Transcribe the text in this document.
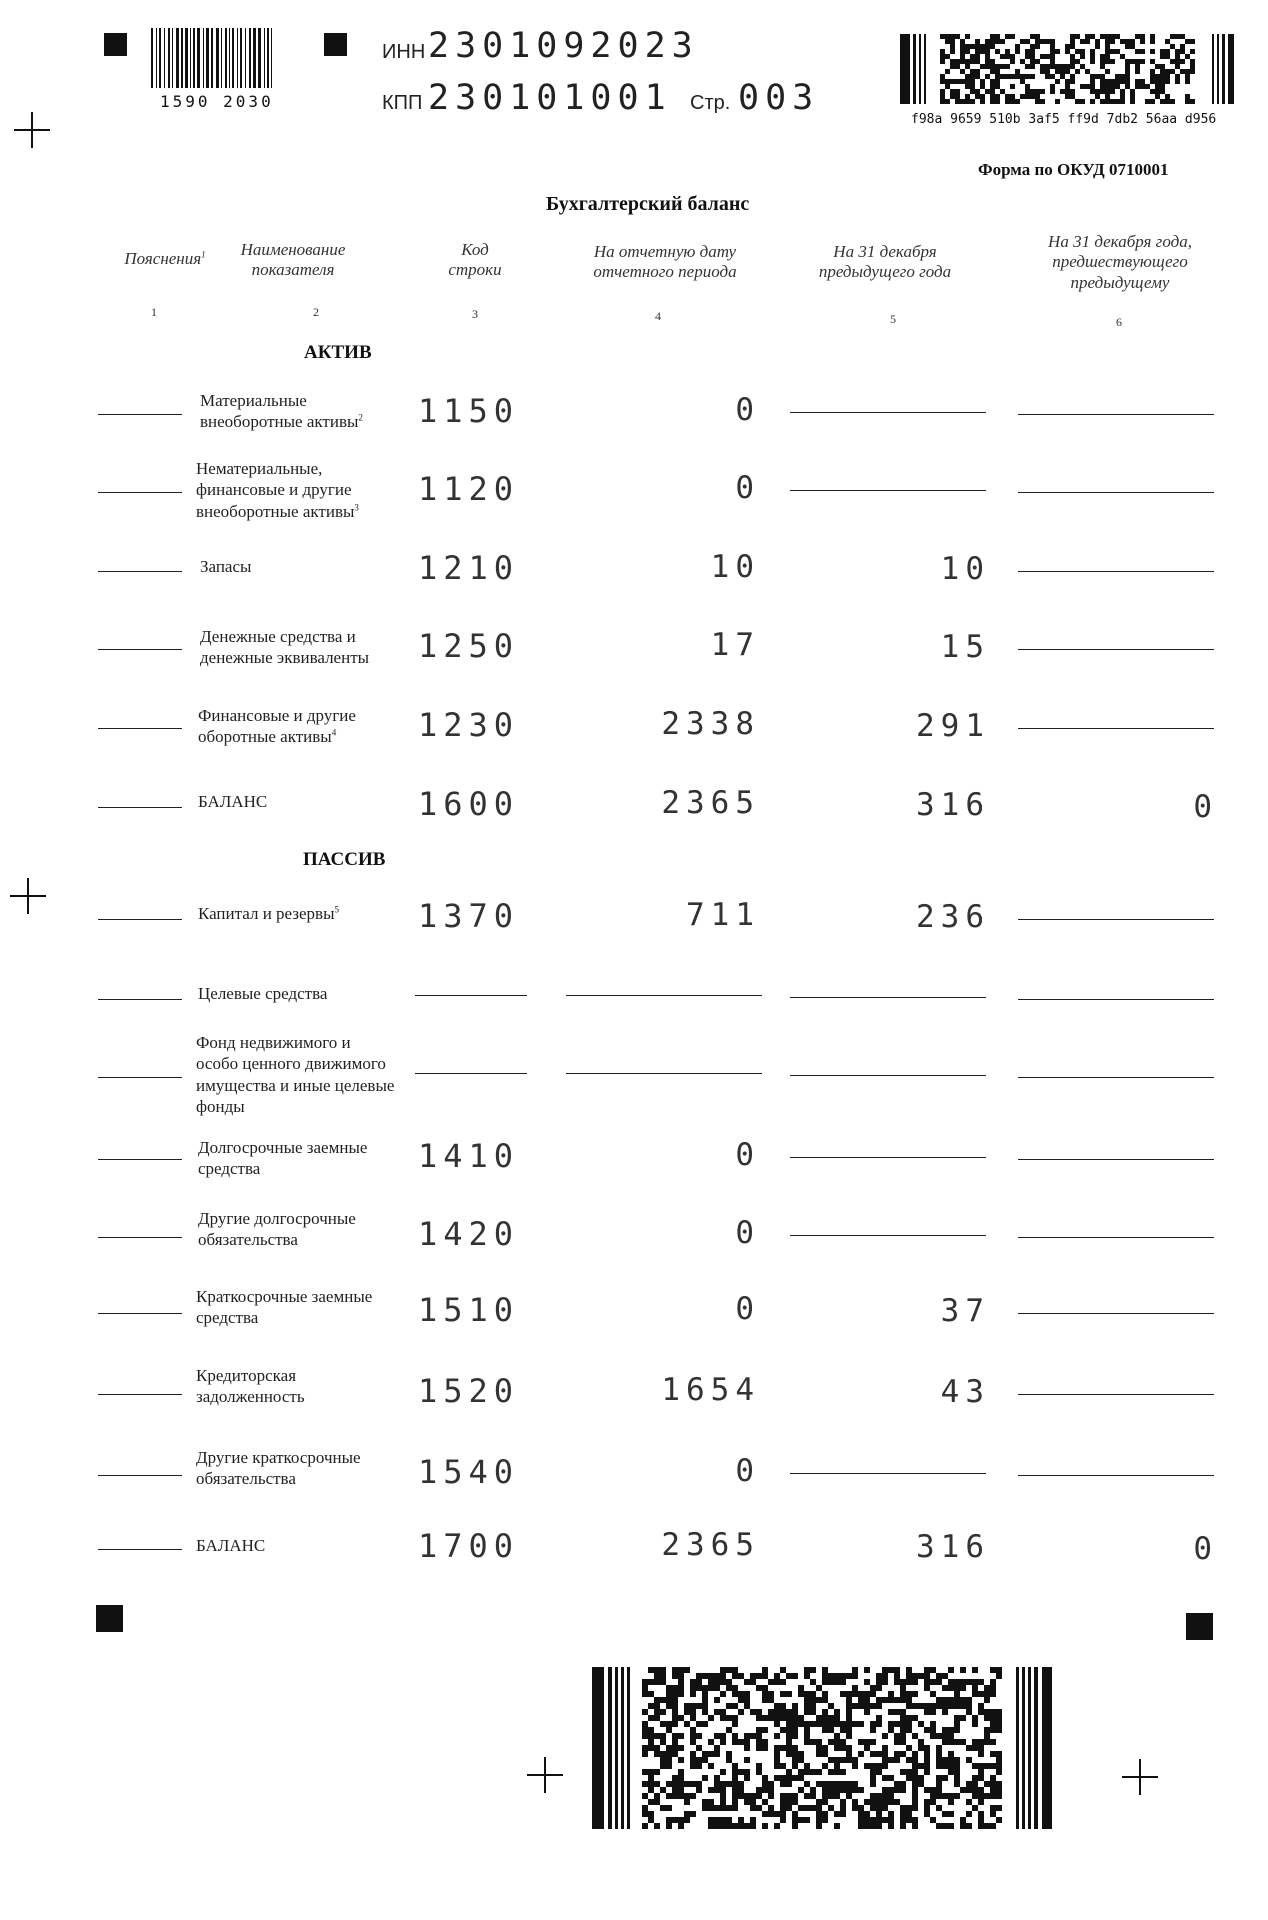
1590 2030
ИНН 2301092023
КПП 230101001 Стр. 003
f98a 9659 510b 3af5 ff9d 7db2 56aa d956
Форма по ОКУД 0710001
Бухгалтерский баланс
Пояснения$^1$	Наименование показателя
Код строки
На отчетную дату отчетного периода
На 31 декабря предыдущего года
На 31 декабря года, предшествующего предыдущему
1	2	3	4	5	6
АКТИВ
ПАССИВ
Материальные внеоборотные активы$^2$	1150	0
Нематериальные, финансовые и другие внеоборотные активы$^3$	1120	0
Запасы	1210	10	10
Денежные средства и денежные эквиваленты	1250	17	15
Финансовые и другие оборотные активы$^4$	1230	2338	291
БАЛАНС	1600	2365	316	0
Капитал и резервы$^5$	1370	711	236
Целевые средства
Фонд недвижимого и особо ценного движимого имущества и иные целевые фонды
Долгосрочные заемные средства	1410	0
Другие долгосрочные обязательства	1420	0
Краткосрочные заемные средства	1510	0	37
Кредиторская задолженность	1520	1654	43
Другие краткосрочные обязательства	1540	0
БАЛАНС	1700	2365	316	0
